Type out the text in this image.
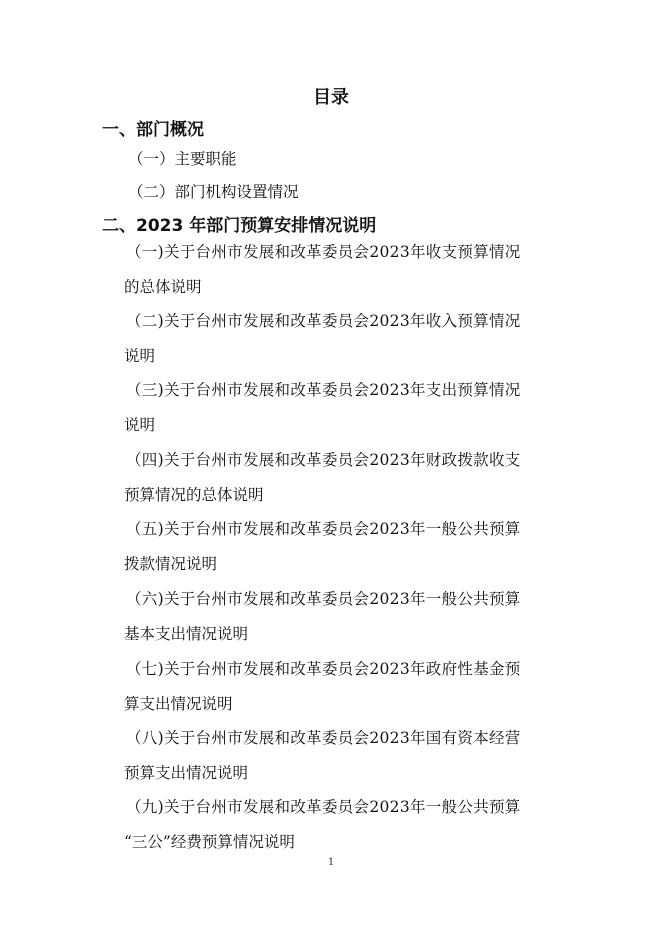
目录
一、部门概况
（一）主要职能
（二）部门机构设置情况
二、2023 年部门预算安排情况说明
（一)关于台州市发展和改革委员会2023年收支预算情况
的总体说明
（二)关于台州市发展和改革委员会2023年收入预算情况
说明
（三)关于台州市发展和改革委员会2023年支出预算情况
说明
（四)关于台州市发展和改革委员会2023年财政拨款收支
预算情况的总体说明
（五)关于台州市发展和改革委员会2023年一般公共预算
拨款情况说明
（六)关于台州市发展和改革委员会2023年一般公共预算
基本支出情况说明
（七)关于台州市发展和改革委员会2023年政府性基金预
算支出情况说明
（八)关于台州市发展和改革委员会2023年国有资本经营
预算支出情况说明
（九)关于台州市发展和改革委员会2023年一般公共预算
“三公”经费预算情况说明
1
